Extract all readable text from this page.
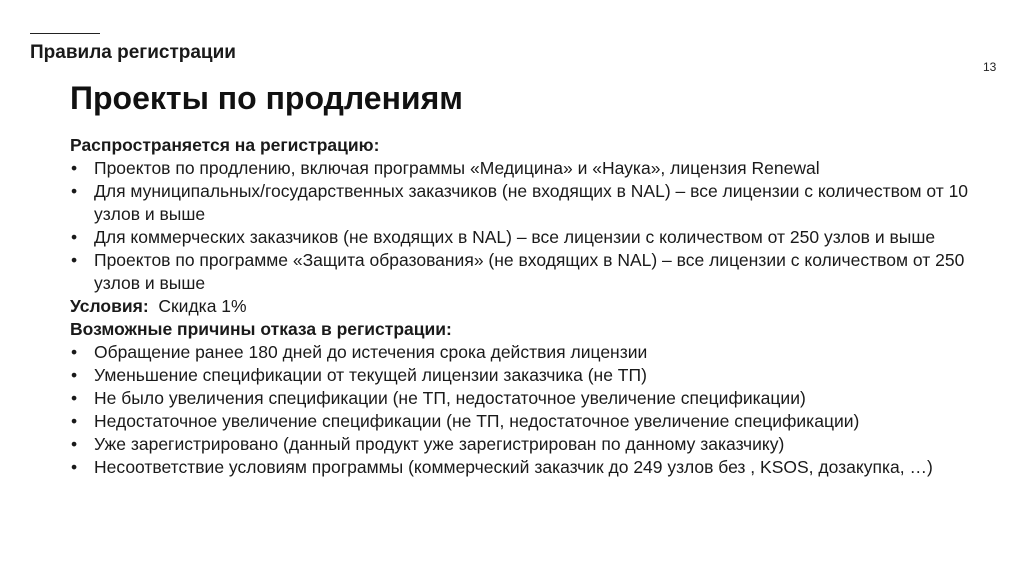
Правила регистрации
13
Проекты по продлениям
Распространяется на регистрацию:
• Проектов по продлению, включая программы «Медицина» и «Наука», лицензия Renewal
• Для муниципальных/государственных заказчиков (не входящих в NAL) – все лицензии с количеством от 10 узлов и выше
• Для коммерческих заказчиков (не входящих в NAL) – все лицензии с количеством от 250 узлов и выше
• Проектов по программе «Защита образования» (не входящих в NAL) – все лицензии с количеством от 250 узлов и выше
Условия: Скидка 1%
Возможные причины отказа в регистрации:
• Обращение ранее 180 дней до истечения срока действия лицензии
• Уменьшение спецификации от текущей лицензии заказчика (не ТП)
• Не было увеличения спецификации (не ТП, недостаточное увеличение спецификации)
• Недостаточное увеличение спецификации (не ТП, недостаточное увеличение спецификации)
• Уже зарегистрировано (данный продукт уже зарегистрирован по данному заказчику)
• Несоответствие условиям программы (коммерческий заказчик до 249 узлов без , KSOS, дозакупка, …)
